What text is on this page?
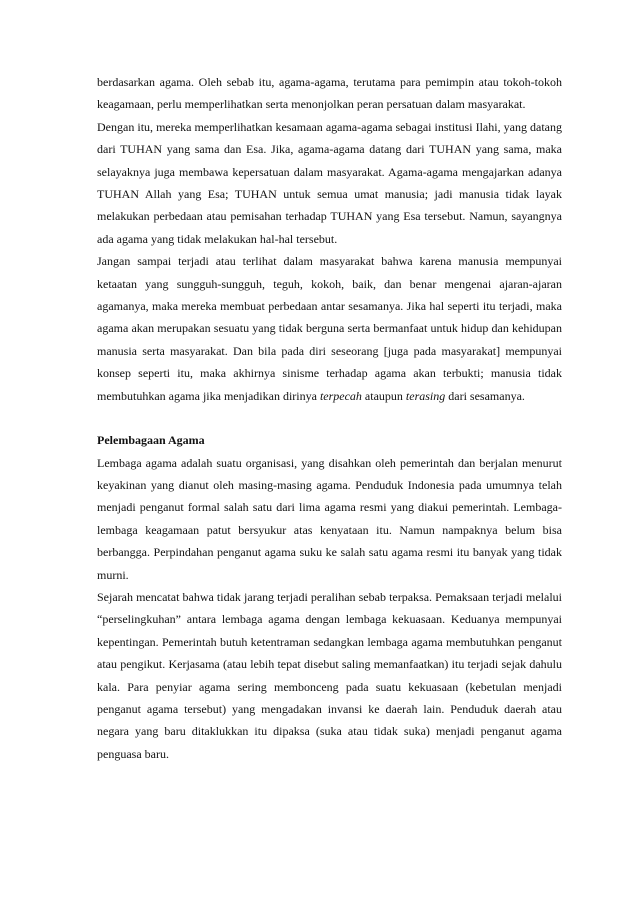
berdasarkan agama. Oleh sebab itu, agama-agama, terutama para pemimpin atau tokoh-tokoh keagamaan, perlu memperlihatkan serta menonjolkan peran persatuan dalam masyarakat.

Dengan itu, mereka memperlihatkan kesamaan agama-agama sebagai institusi Ilahi, yang datang dari TUHAN yang sama dan Esa. Jika, agama-agama datang dari TUHAN yang sama, maka selayaknya juga membawa kepersatuan dalam masyarakat. Agama-agama mengajarkan adanya TUHAN Allah yang Esa; TUHAN untuk semua umat manusia; jadi manusia tidak layak melakukan perbedaan atau pemisahan terhadap TUHAN yang Esa tersebut. Namun, sayangnya ada agama yang tidak melakukan hal-hal tersebut.

Jangan sampai terjadi atau terlihat dalam masyarakat bahwa karena manusia mempunyai ketaatan yang sungguh-sungguh, teguh, kokoh, baik, dan benar mengenai ajaran-ajaran agamanya, maka mereka membuat perbedaan antar sesamanya. Jika hal seperti itu terjadi, maka agama akan merupakan sesuatu yang tidak berguna serta bermanfaat untuk hidup dan kehidupan manusia serta masyarakat. Dan bila pada diri seseorang [juga pada masyarakat] mempunyai konsep seperti itu, maka akhirnya sinisme terhadap agama akan terbukti; manusia tidak membutuhkan agama jika menjadikan dirinya terpecah ataupun terasing dari sesamanya.

Pelembagaan Agama

Lembaga agama adalah suatu organisasi, yang disahkan oleh pemerintah dan berjalan menurut keyakinan yang dianut oleh masing-masing agama. Penduduk Indonesia pada umumnya telah menjadi penganut formal salah satu dari lima agama resmi yang diakui pemerintah. Lembaga-lembaga keagamaan patut bersyukur atas kenyataan itu. Namun nampaknya belum bisa berbangga. Perpindahan penganut agama suku ke salah satu agama resmi itu banyak yang tidak murni.

Sejarah mencatat bahwa tidak jarang terjadi peralihan sebab terpaksa. Pemaksaan terjadi melalui “perselingkuhan” antara lembaga agama dengan lembaga kekuasaan. Keduanya mempunyai kepentingan. Pemerintah butuh ketentraman sedangkan lembaga agama membutuhkan penganut atau pengikut. Kerjasama (atau lebih tepat disebut saling memanfaatkan) itu terjadi sejak dahulu kala. Para penyiar agama sering membonceng pada suatu kekuasaan (kebetulan menjadi penganut agama tersebut) yang mengadakan invansi ke daerah lain. Penduduk daerah atau negara yang baru ditaklukkan itu dipaksa (suka atau tidak suka) menjadi penganut agama penguasa baru.
